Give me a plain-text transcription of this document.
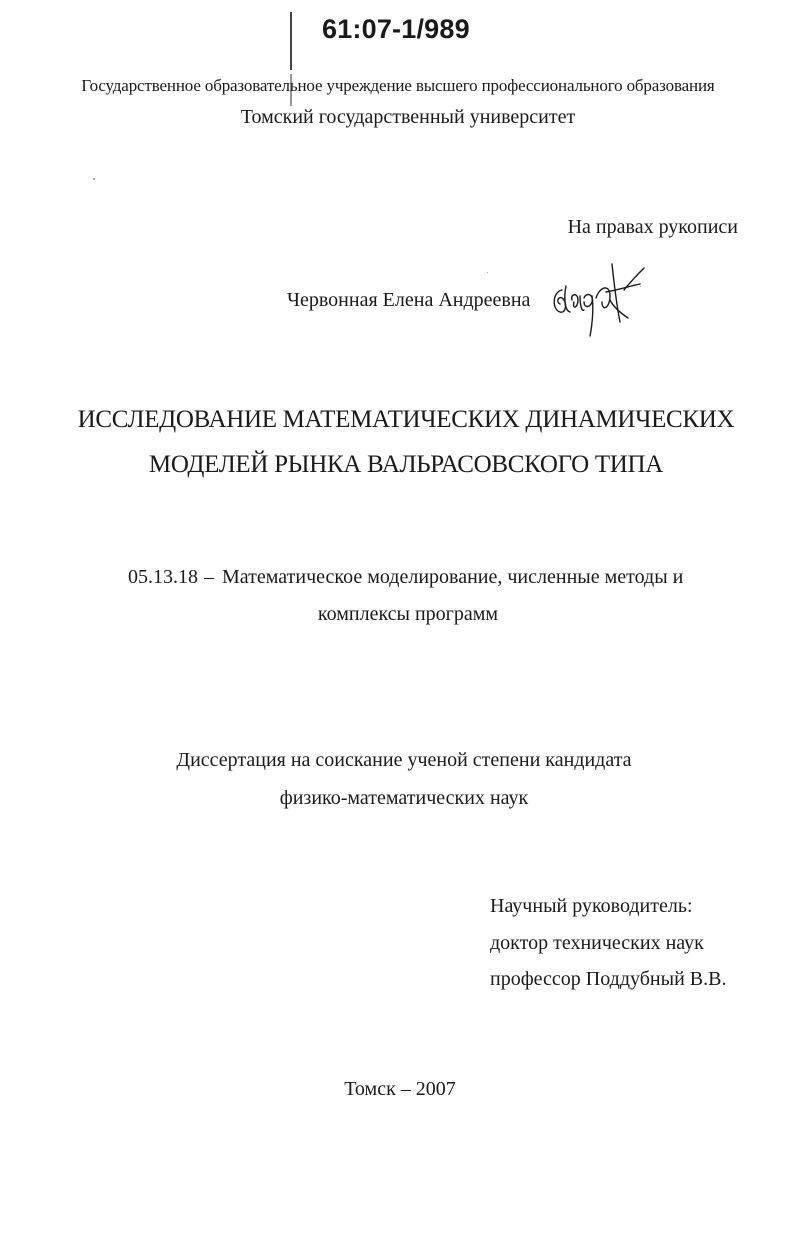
61:07-1/989
Государственное образовательное учреждение высшего профессионального образования
Томский государственный университет
На правах рукописи
Червонная Елена Андреевна
ИССЛЕДОВАНИЕ МАТЕМАТИЧЕСКИХ ДИНАМИЧЕСКИХ
МОДЕЛЕЙ РЫНКА ВАЛЬРАСОВСКОГО ТИПА
05.13.18 – Математическое моделирование, численные методы и
комплексы программ
Диссертация на соискание ученой степени кандидата
физико-математических наук
Научный руководитель:
доктор технических наук
профессор Поддубный В.В.
Томск – 2007
